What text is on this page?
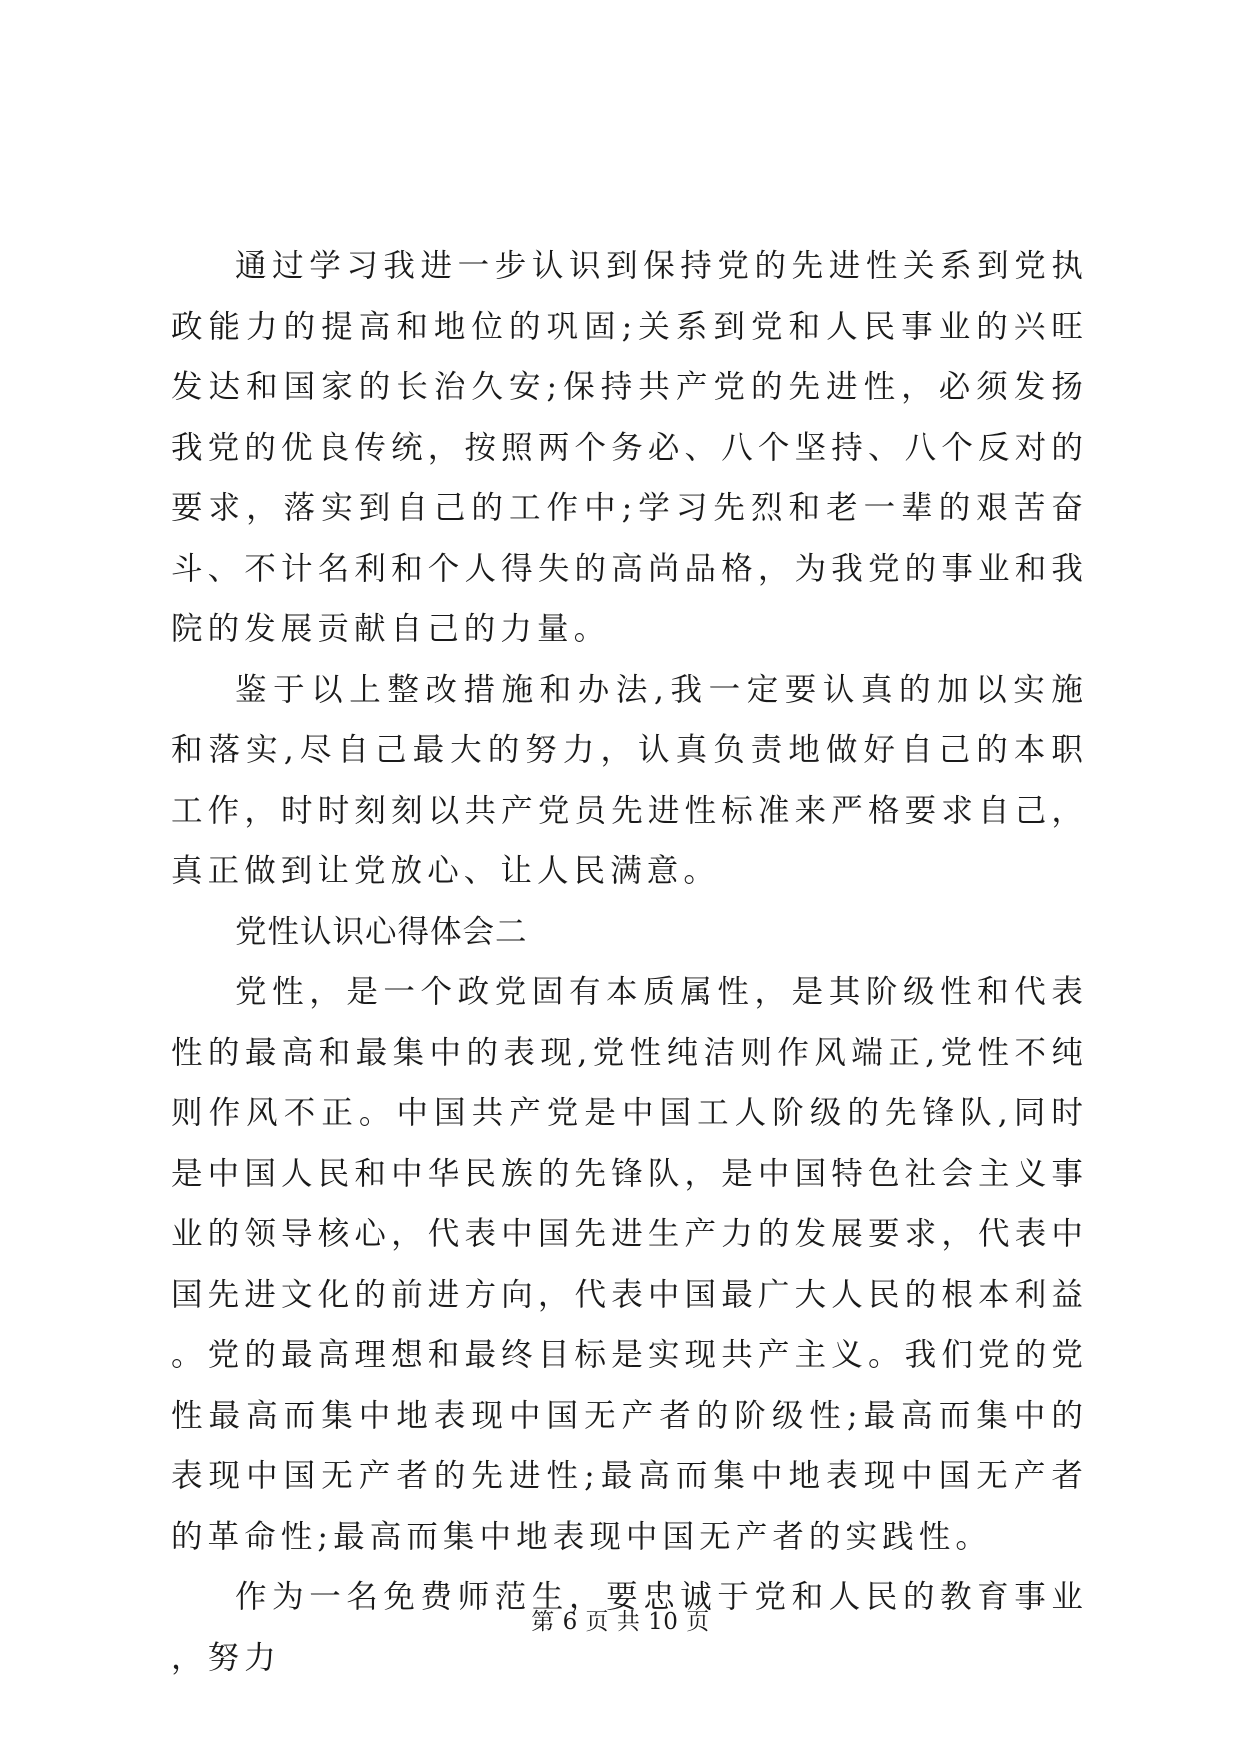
通过学习我进一步认识到保持党的先进性关系到党执政能力的提高和地位的巩固;关系到党和人民事业的兴旺发达和国家的长治久安;保持共产党的先进性，必须发扬我党的优良传统，按照两个务必、八个坚持、八个反对的要求，落实到自己的工作中;学习先烈和老一辈的艰苦奋斗、不计名利和个人得失的高尚品格，为我党的事业和我院的发展贡献自己的力量。

鉴于以上整改措施和办法,我一定要认真的加以实施和落实,尽自己最大的努力，认真负责地做好自己的本职工作，时时刻刻以共产党员先进性标准来严格要求自己，真正做到让党放心、让人民满意。

党性认识心得体会二

党性，是一个政党固有本质属性，是其阶级性和代表性的最高和最集中的表现,党性纯洁则作风端正,党性不纯则作风不正。中国共产党是中国工人阶级的先锋队,同时是中国人民和中华民族的先锋队，是中国特色社会主义事业的领导核心，代表中国先进生产力的发展要求，代表中国先进文化的前进方向，代表中国最广大人民的根本利益。党的最高理想和最终目标是实现共产主义。我们党的党性最高而集中地表现中国无产者的阶级性;最高而集中的表现中国无产者的先进性;最高而集中地表现中国无产者的革命性;最高而集中地表现中国无产者的实践性。

作为一名免费师范生，要忠诚于党和人民的教育事业，努力

第 6 页 共 10 页
